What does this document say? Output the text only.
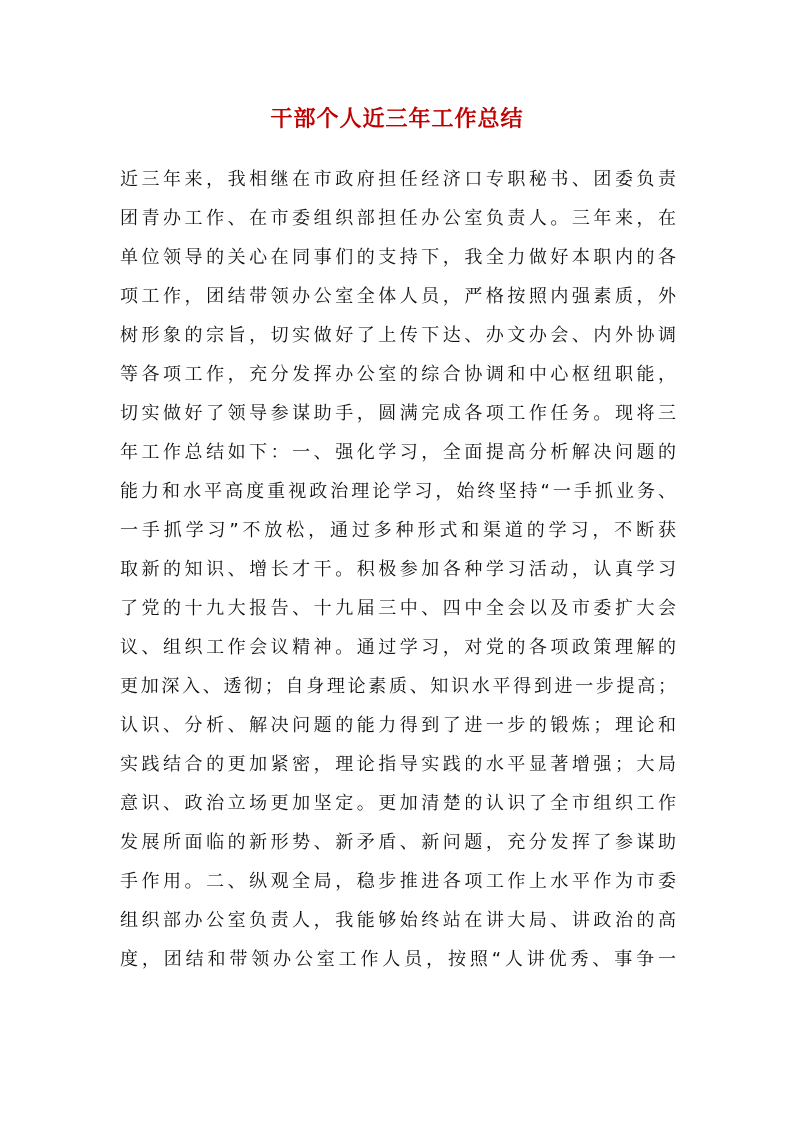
干部个人近三年工作总结
近三年来，我相继在市政府担任经济口专职秘书、团委负责
团青办工作、在市委组织部担任办公室负责人。三年来，在
单位领导的关心在同事们的支持下，我全力做好本职内的各
项工作，团结带领办公室全体人员，严格按照内强素质，外
树形象的宗旨，切实做好了上传下达、办文办会、内外协调
等各项工作，充分发挥办公室的综合协调和中心枢纽职能，
切实做好了领导参谋助手，圆满完成各项工作任务。现将三
年工作总结如下：一、强化学习，全面提高分析解决问题的
能力和水平高度重视政治理论学习，始终坚持“一手抓业务、
一手抓学习”不放松，通过多种形式和渠道的学习，不断获
取新的知识、增长才干。积极参加各种学习活动，认真学习
了党的十九大报告、十九届三中、四中全会以及市委扩大会
议、组织工作会议精神。通过学习，对党的各项政策理解的
更加深入、透彻；自身理论素质、知识水平得到进一步提高；
认识、分析、解决问题的能力得到了进一步的锻炼；理论和
实践结合的更加紧密，理论指导实践的水平显著增强；大局
意识、政治立场更加坚定。更加清楚的认识了全市组织工作
发展所面临的新形势、新矛盾、新问题，充分发挥了参谋助
手作用。二、纵观全局，稳步推进各项工作上水平作为市委
组织部办公室负责人，我能够始终站在讲大局、讲政治的高
度，团结和带领办公室工作人员，按照“人讲优秀、事争一
